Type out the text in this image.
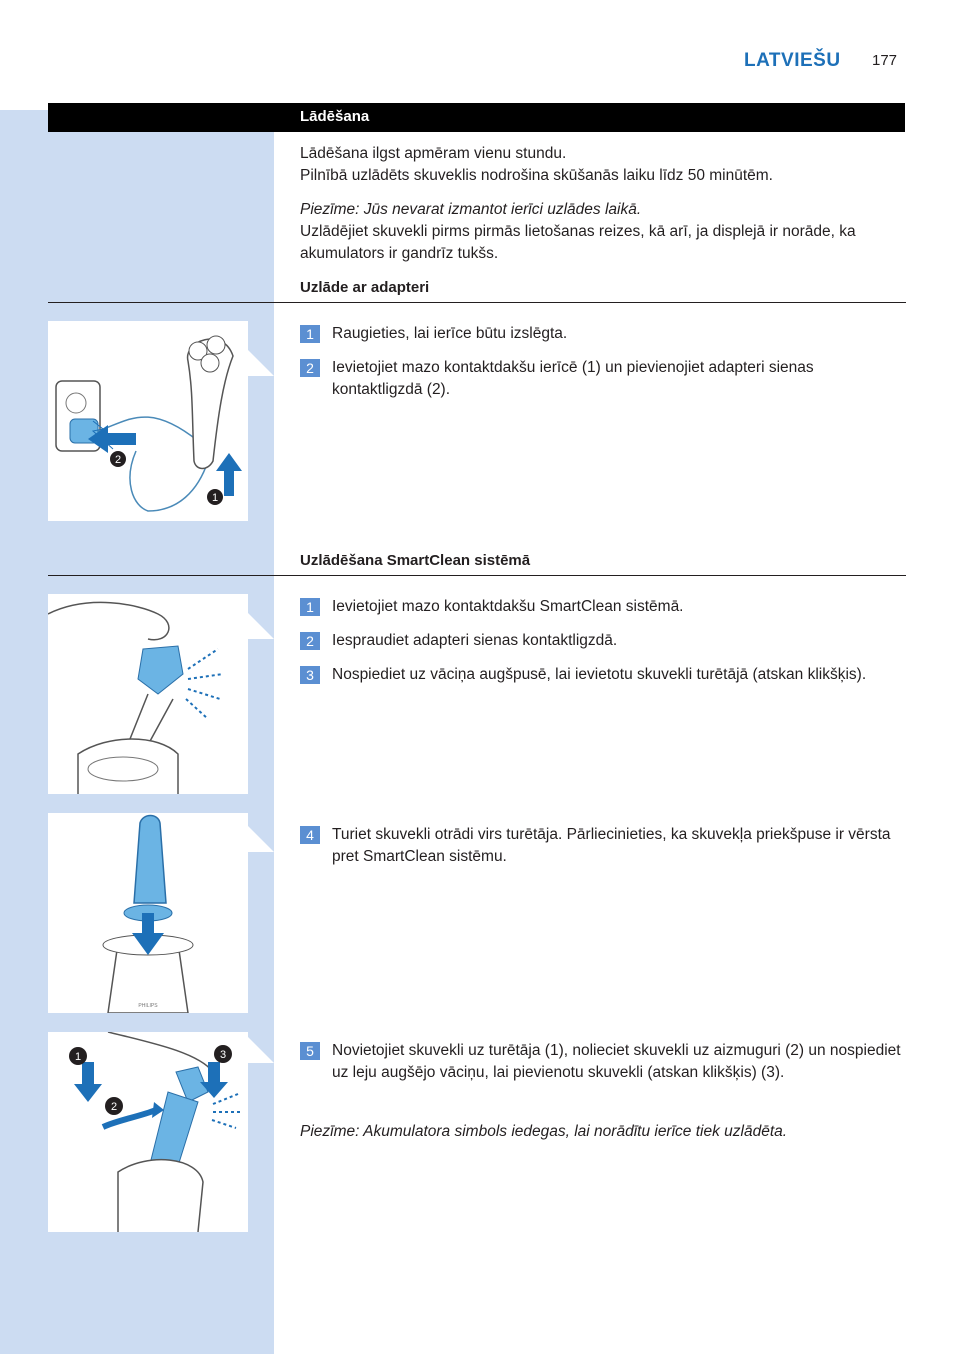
LATVIEŠU 177
Lādēšana
Lādēšana ilgst apmēram vienu stundu.
Pilnībā uzlādēts skuveklis nodrošina skūšanās laiku līdz 50 minūtēm.
Piezīme: Jūs nevarat izmantot ierīci uzlādes laikā.
Uzlādējiet skuvekli pirms pirmās lietošanas reizes, kā arī, ja displejā ir norāde, ka akumulators ir gandrīz tukšs.
Uzlāde ar adapteri
2
1
1	Raugieties, lai ierīce būtu izslēgta.
2	Ievietojiet mazo kontaktdakšu ierīcē (1) un pievienojiet adapteri sienas kontaktligzdā (2).
Uzlādēšana SmartClean sistēmā
1	Ievietojiet mazo kontaktdakšu SmartClean sistēmā.
2	Iespraudiet adapteri sienas kontaktligzdā.
3	Nospiediet uz vāciņa augšpusē, lai ievietotu skuvekli turētājā (atskan klikšķis).
PHILIPS
4	Turiet skuvekli otrādi virs turētāja. Pārliecinieties, ka skuvekļa priekšpuse ir vērsta pret SmartClean sistēmu.
1
2
3	5	Novietojiet skuvekli uz turētāja (1), nolieciet skuvekli uz aizmuguri (2) un nospiediet uz leju augšējo vāciņu, lai pievienotu skuvekli (atskan klikšķis) (3).
Piezīme: Akumulatora simbols iedegas, lai norādītu ierīce tiek uzlādēta.
